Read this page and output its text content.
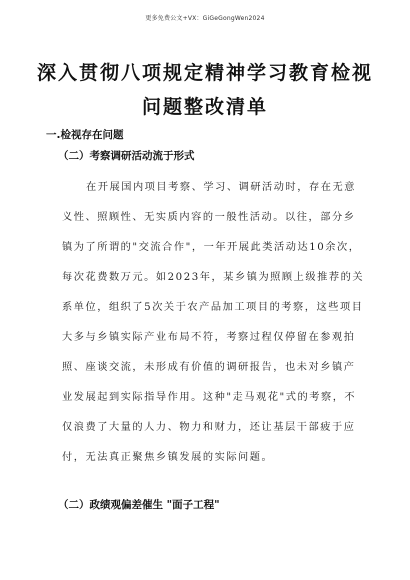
更多免费公文+VX：GiGeGongWen2024
深入贯彻八项规定精神学习教育检视
问题整改清单
一.检视存在问题
（二）考察调研活动流于形式
在开展国内项目考察、学习、调研活动时，存在无意
义性、照顾性、无实质内容的一般性活动。以往，部分乡
镇为了所谓的"交流合作"，一年开展此类活动达10余次，
每次花费数万元。如2023年，某乡镇为照顾上级推荐的关
系单位，组织了5次关于农产品加工项目的考察，这些项目
大多与乡镇实际产业布局不符，考察过程仅停留在参观拍
照、座谈交流，未形成有价值的调研报告，也未对乡镇产
业发展起到实际指导作用。这种"走马观花"式的考察，不
仅浪费了大量的人力、物力和财力，还让基层干部疲于应
付，无法真正聚焦乡镇发展的实际问题。
（二）政绩观偏差催生 "面子工程"
